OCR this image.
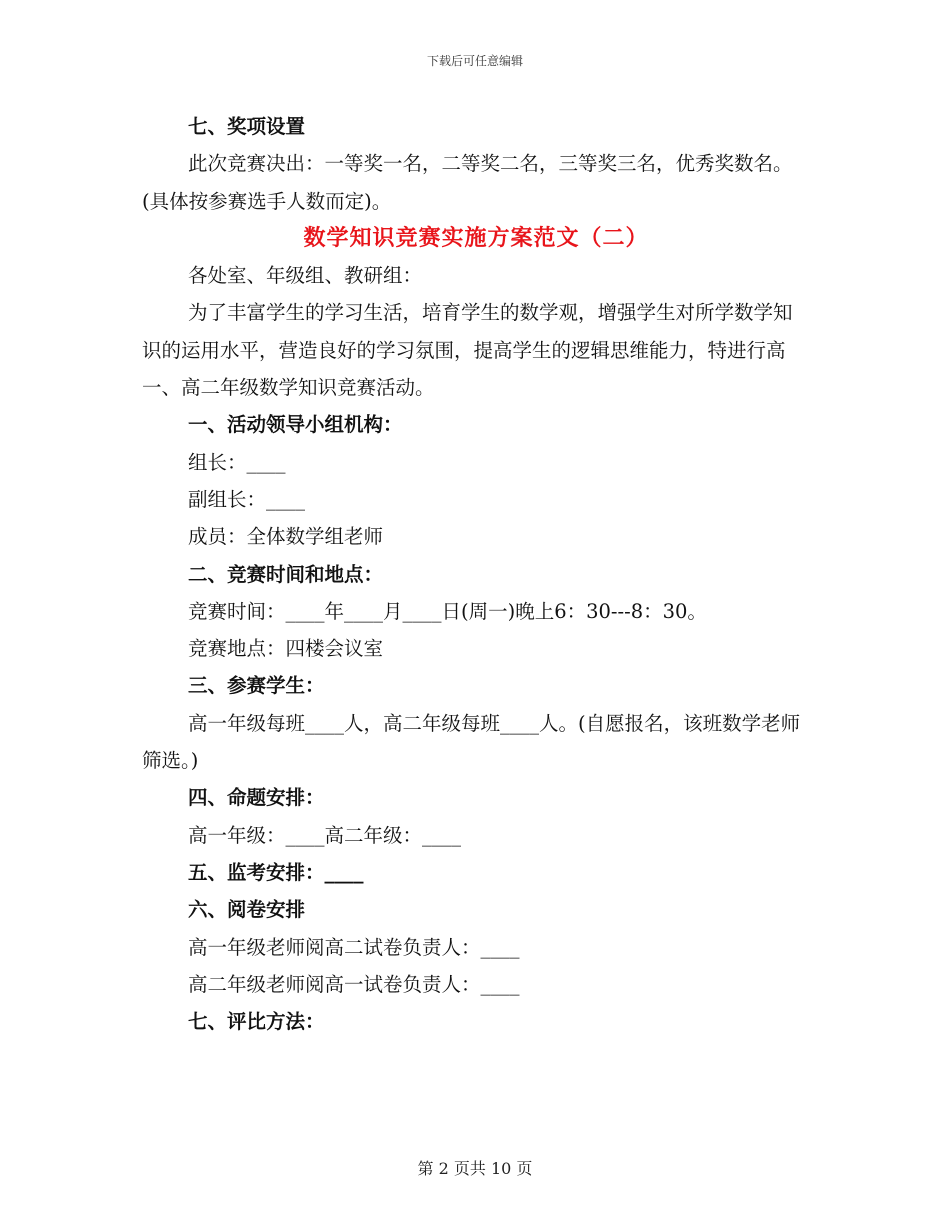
下载后可任意编辑

七、奖项设置

此次竞赛决出：一等奖一名，二等奖二名，三等奖三名，优秀奖数名。(具体按参赛选手人数而定)。

数学知识竞赛实施方案范文（二）

各处室、年级组、教研组：

为了丰富学生的学习生活，培育学生的数学观，增强学生对所学数学知识的运用水平，营造良好的学习氛围，提高学生的逻辑思维能力，特进行高一、高二年级数学知识竞赛活动。

一、活动领导小组机构：

组长：____

副组长：____

成员：全体数学组老师

二、竞赛时间和地点：

竞赛时间：____年____月____日(周一)晚上6：30---8：30。

竞赛地点：四楼会议室

三、参赛学生：

高一年级每班____人，高二年级每班____人。(自愿报名，该班数学老师筛选。)

四、命题安排：

高一年级：____高二年级：____

五、监考安排：____

六、阅卷安排

高一年级老师阅高二试卷负责人：____

高二年级老师阅高一试卷负责人：____

七、评比方法：

第 2 页共 10 页
